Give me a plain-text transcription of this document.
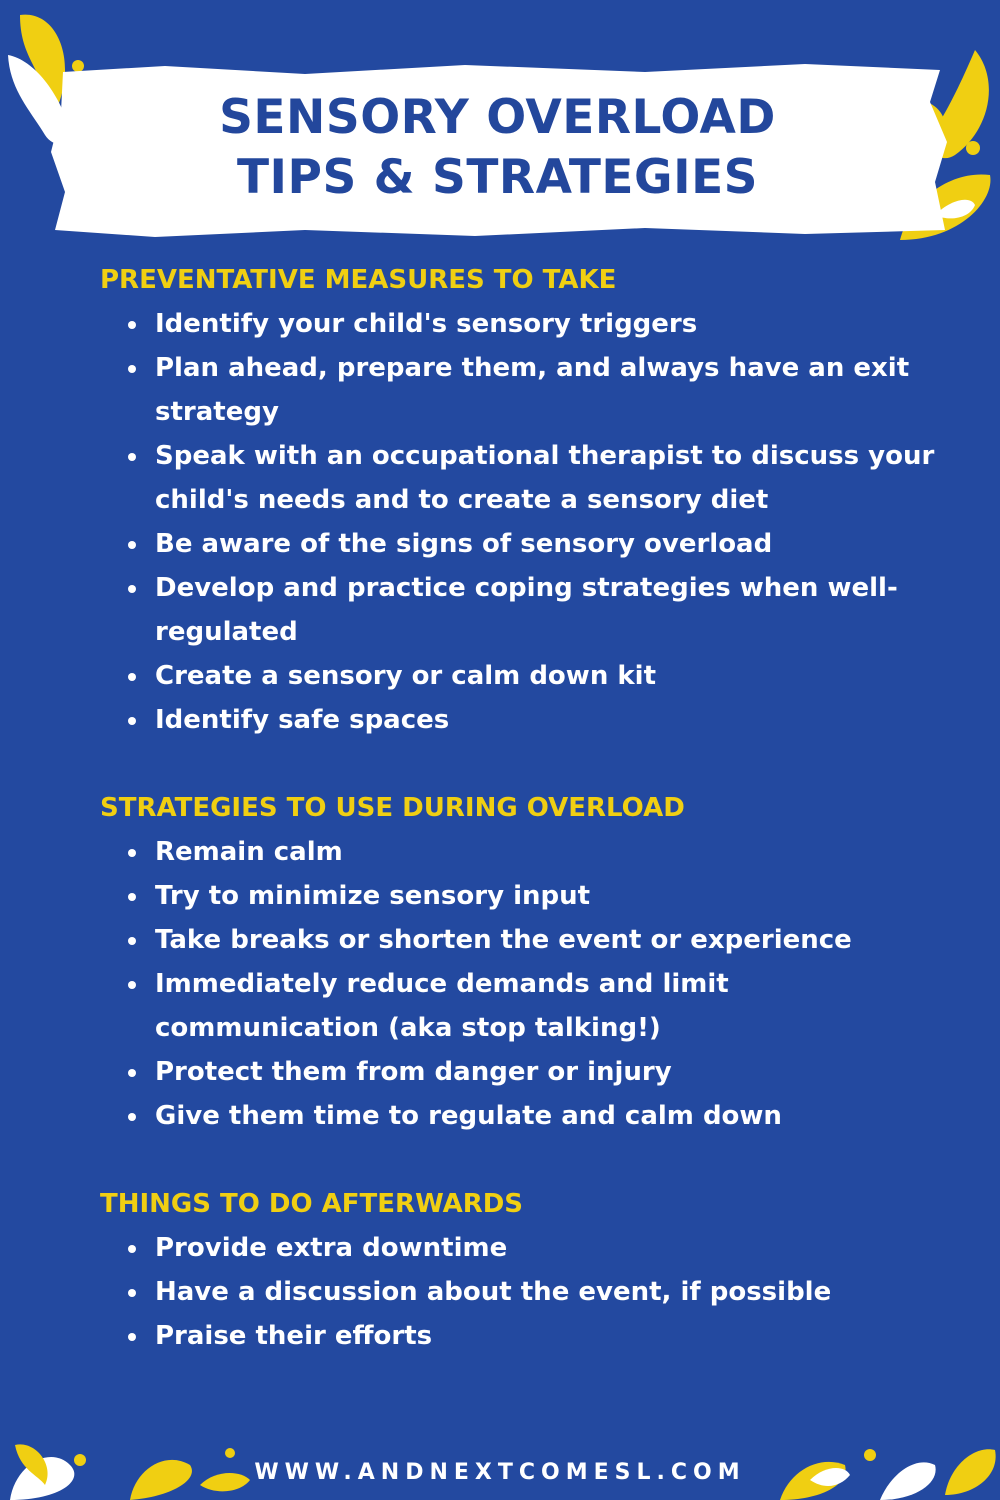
SENSORY OVERLOAD
TIPS & STRATEGIES
PREVENTATIVE MEASURES TO TAKE
Identify your child's sensory triggers
Plan ahead, prepare them, and always have an exit strategy
Speak with an occupational therapist to discuss your child's needs and to create a sensory diet
Be aware of the signs of sensory overload
Develop and practice coping strategies when well-regulated
Create a sensory or calm down kit
Identify safe spaces
STRATEGIES TO USE DURING OVERLOAD
Remain calm
Try to minimize sensory input
Take breaks or shorten the event or experience
Immediately reduce demands and limit communication (aka stop talking!)
Protect them from danger or injury
Give them time to regulate and calm down
THINGS TO DO AFTERWARDS
Provide extra downtime
Have a discussion about the event, if possible
Praise their efforts
WWW.ANDNEXTCOMESL.COM
